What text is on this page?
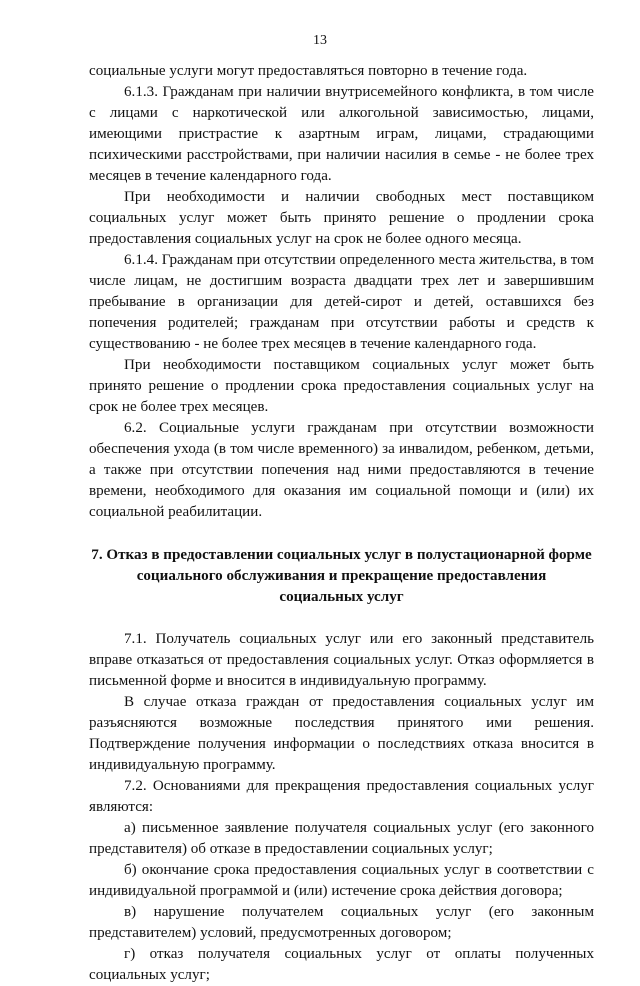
13

социальные услуги могут предоставляться повторно в течение года.

6.1.3. Гражданам при наличии внутрисемейного конфликта, в том числе с лицами с наркотической или алкогольной зависимостью, лицами, имеющими пристрастие к азартным играм, лицами, страдающими психическими расстройствами, при наличии насилия в семье - не более трех месяцев в течение календарного года.

При необходимости и наличии свободных мест поставщиком социальных услуг может быть принято решение о продлении срока предоставления социальных услуг на срок не более одного месяца.

6.1.4. Гражданам при отсутствии определенного места жительства, в том числе лицам, не достигшим возраста двадцати трех лет и завершившим пребывание в организации для детей-сирот и детей, оставшихся без попечения родителей; гражданам при отсутствии работы и средств к существованию - не более трех месяцев в течение календарного года.

При необходимости поставщиком социальных услуг может быть принято решение о продлении срока предоставления социальных услуг на срок не более трех месяцев.

6.2. Социальные услуги гражданам при отсутствии возможности обеспечения ухода (в том числе временного) за инвалидом, ребенком, детьми, а также при отсутствии попечения над ними предоставляются в течение времени, необходимого для оказания им социальной помощи и (или) их социальной реабилитации.

7. Отказ в предоставлении социальных услуг в полустационарной форме
социального обслуживания и прекращение предоставления
социальных услуг

7.1. Получатель социальных услуг или его законный представитель вправе отказаться от предоставления социальных услуг. Отказ оформляется в письменной форме и вносится в индивидуальную программу.

В случае отказа граждан от предоставления социальных услуг им разъясняются возможные последствия принятого ими решения. Подтверждение получения информации о последствиях отказа вносится в индивидуальную программу.

7.2. Основаниями для прекращения предоставления социальных услуг являются:

а) письменное заявление получателя социальных услуг (его законного представителя) об отказе в предоставлении социальных услуг;

б) окончание срока предоставления социальных услуг в соответствии с индивидуальной программой и (или) истечение срока действия договора;

в) нарушение получателем социальных услуг (его законным представителем) условий, предусмотренных договором;

г) отказ получателя социальных услуг от оплаты полученных социальных услуг;
